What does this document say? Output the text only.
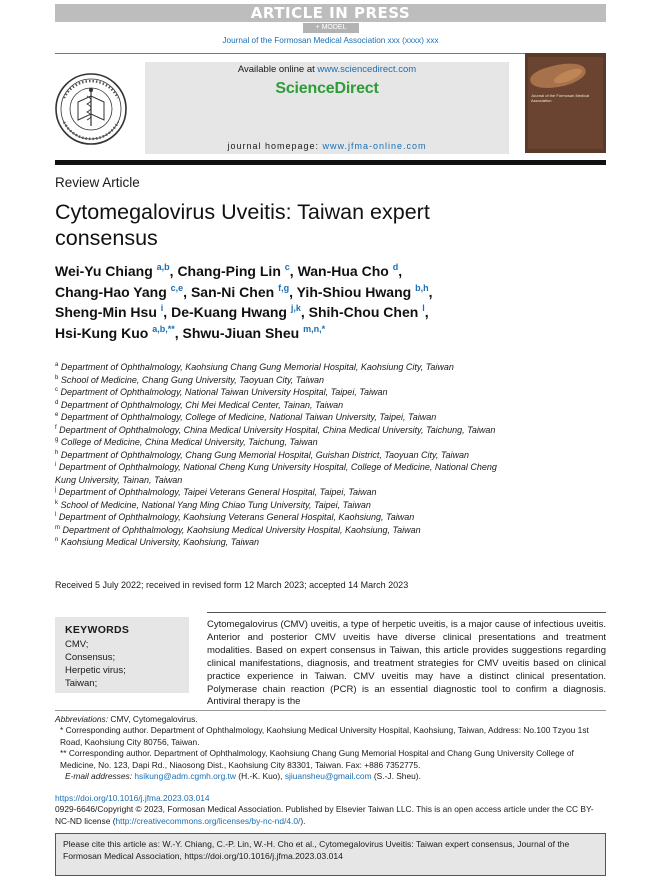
ARTICLE IN PRESS
+ MODEL
Journal of the Formosan Medical Association xxx (xxxx) xxx
Available online at www.sciencedirect.com
ScienceDirect
journal homepage: www.jfma-online.com
Journal of the Formosan Medical Association
Review Article
Cytomegalovirus Uveitis: Taiwan expert consensus
Wei-Yu Chiang $^{a,b}$, Chang-Ping Lin $^c$, Wan-Hua Cho $^d$,
Chang-Hao Yang $^{c,e}$, San-Ni Chen $^{f,g}$, Yih-Shiou Hwang $^{b,h}$,
Sheng-Min Hsu $^i$, De-Kuang Hwang $^{j,k}$, Shih-Chou Chen $^l$,
Hsi-Kung Kuo $^{a,b,**}$, Shwu-Jiuan Sheu $^{m,n,*}$
$^a$ Department of Ophthalmology, Kaohsiung Chang Gung Memorial Hospital, Kaohsiung City, Taiwan
$^b$ School of Medicine, Chang Gung University, Taoyuan City, Taiwan
$^c$ Department of Ophthalmology, National Taiwan University Hospital, Taipei, Taiwan
$^d$ Department of Ophthalmology, Chi Mei Medical Center, Tainan, Taiwan
$^e$ Department of Ophthalmology, College of Medicine, National Taiwan University, Taipei, Taiwan
$^f$ Department of Ophthalmology, China Medical University Hospital, China Medical University, Taichung, Taiwan
$^g$ College of Medicine, China Medical University, Taichung, Taiwan
$^h$ Department of Ophthalmology, Chang Gung Memorial Hospital, Guishan District, Taoyuan City, Taiwan
$^i$ Department of Ophthalmology, National Cheng Kung University Hospital, College of Medicine, National Cheng Kung University, Tainan, Taiwan
$^j$ Department of Ophthalmology, Taipei Veterans General Hospital, Taipei, Taiwan
$^k$ School of Medicine, National Yang Ming Chiao Tung University, Taipei, Taiwan
$^l$ Department of Ophthalmology, Kaohsiung Veterans General Hospital, Kaohsiung, Taiwan
$^m$ Department of Ophthalmology, Kaohsiung Medical University Hospital, Kaohsiung, Taiwan
$^n$ Kaohsiung Medical University, Kaohsiung, Taiwan
Received 5 July 2022; received in revised form 12 March 2023; accepted 14 March 2023
KEYWORDS
CMV;
Consensus;
Herpetic virus;
Taiwan;
Cytomegalovirus (CMV) uveitis, a type of herpetic uveitis, is a major cause of infectious uveitis. Anterior and posterior CMV uveitis have diverse clinical presentations and treatment modalities. Based on expert consensus in Taiwan, this article provides suggestions regarding clinical manifestations, diagnosis, and treatment strategies for CMV uveitis based on clinical practice experience in Taiwan. CMV uveitis may have a distinct clinical presentation. Polymerase chain reaction (PCR) is an essential diagnostic tool to confirm a diagnosis. Antiviral therapy is the
Abbreviations: CMV, Cytomegalovirus.
* Corresponding author. Department of Ophthalmology, Kaohsiung Medical University Hospital, Kaohsiung, Taiwan, Address: No.100 Tzyou 1st Road, Kaohsiung City 80756, Taiwan.
** Corresponding author. Department of Ophthalmology, Kaohsiung Chang Gung Memorial Hospital and Chang Gung University College of Medicine, No. 123, Dapi Rd., Niaosong Dist., Kaohsiung City 83301, Taiwan. Fax: +886 7352775.
E-mail addresses: hsikung@adm.cgmh.org.tw (H.-K. Kuo), sjiuansheu@gmail.com (S.-J. Sheu).
https://doi.org/10.1016/j.jfma.2023.03.014
0929-6646/Copyright © 2023, Formosan Medical Association. Published by Elsevier Taiwan LLC. This is an open access article under the CC BY-NC-ND license (http://creativecommons.org/licenses/by-nc-nd/4.0/).
Please cite this article as: W.-Y. Chiang, C.-P. Lin, W.-H. Cho et al., Cytomegalovirus Uveitis: Taiwan expert consensus, Journal of the Formosan Medical Association, https://doi.org/10.1016/j.jfma.2023.03.014
